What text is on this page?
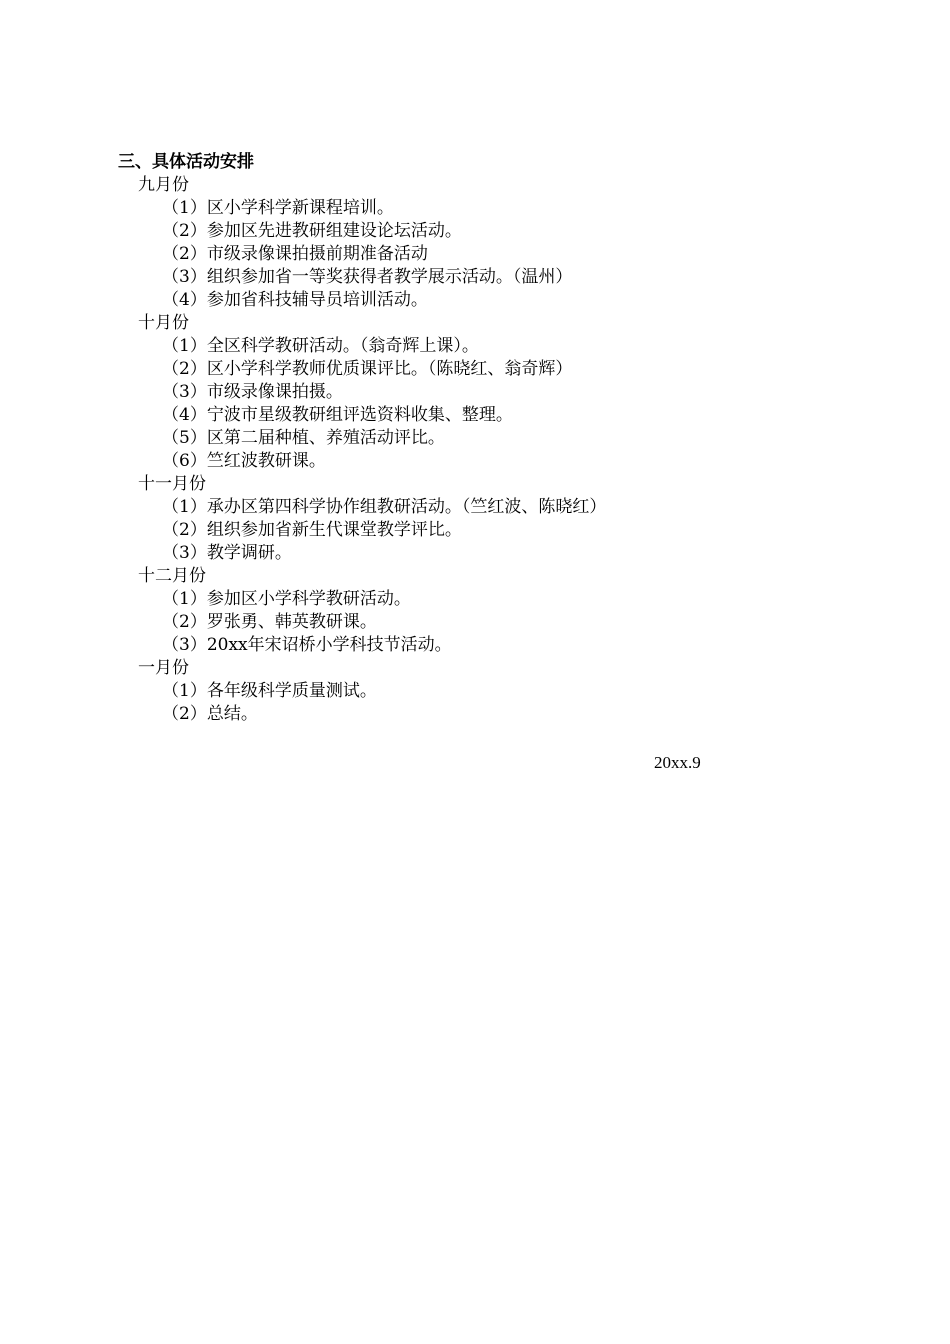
三、具体活动安排
九月份
（1）区小学科学新课程培训。
（2）参加区先进教研组建设论坛活动。
（2）市级录像课拍摄前期准备活动
（3）组织参加省一等奖获得者教学展示活动。（温州）
（4）参加省科技辅导员培训活动。
十月份
（1）全区科学教研活动。（翁奇辉上课）。
（2）区小学科学教师优质课评比。（陈晓红、翁奇辉）
（3）市级录像课拍摄。
（4）宁波市星级教研组评选资料收集、整理。
（5）区第二届种植、养殖活动评比。
（6）竺红波教研课。
十一月份
（1）承办区第四科学协作组教研活动。（竺红波、陈晓红）
（2）组织参加省新生代课堂教学评比。
（3）教学调研。
十二月份
（1）参加区小学科学教研活动。
（2）罗张勇、韩英教研课。
（3）20xx年宋诏桥小学科技节活动。
一月份
（1）各年级科学质量测试。
（2）总结。
20xx.9
